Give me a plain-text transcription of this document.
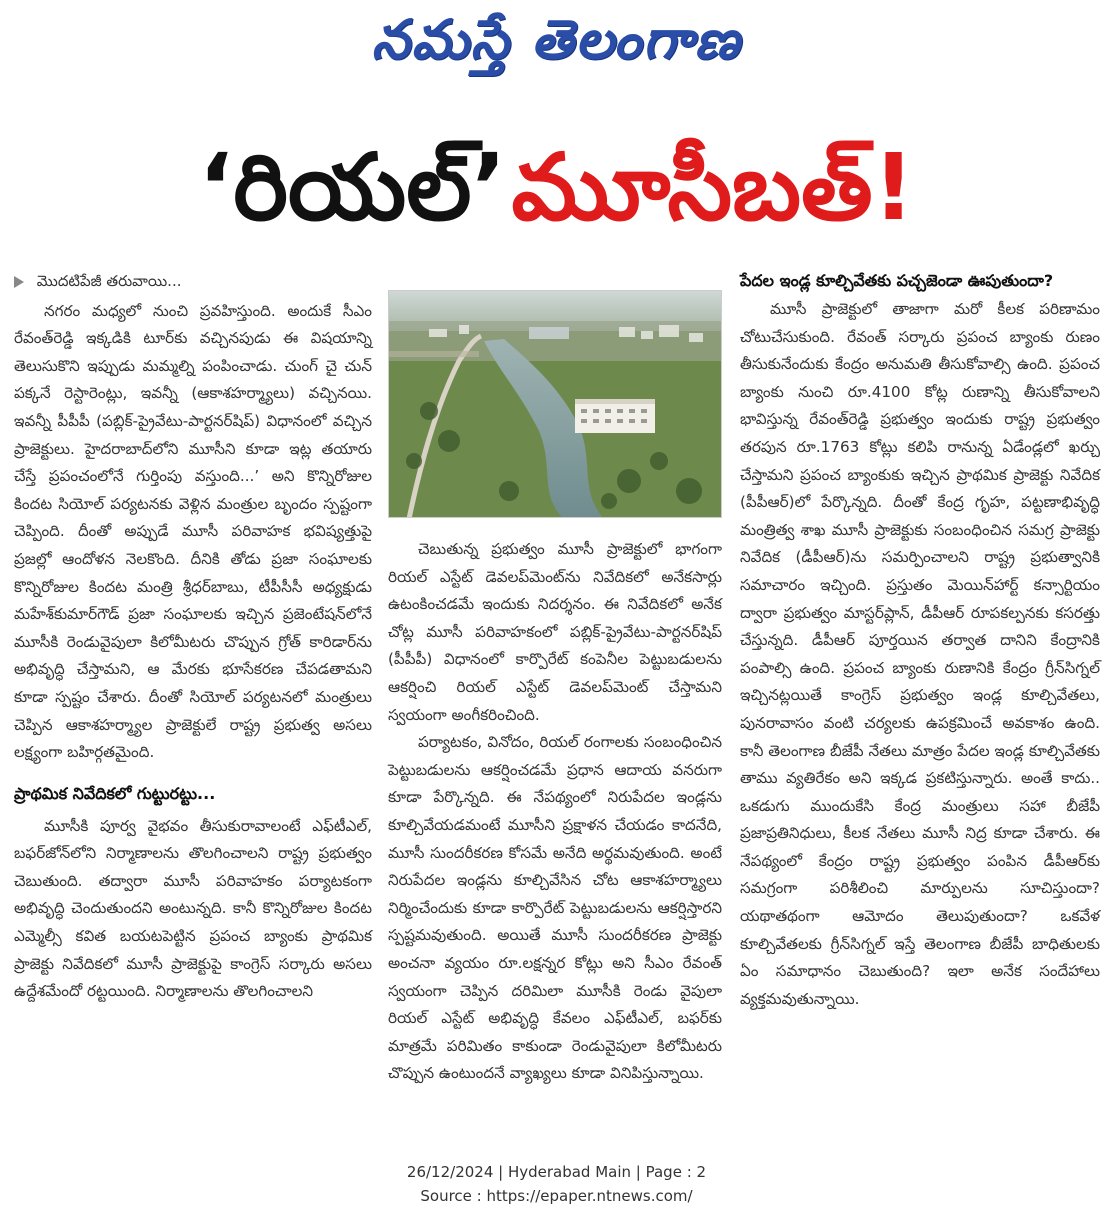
నమస్తే తెలంగాణ
‘రియల్’ మూసీబత్!
మొదటిపేజీ తరువాయి...

నగరం మధ్యలో నుంచి ప్రవహిస్తుంది. అందుకే సీఎం రేవంత్‌రెడ్డి ఇక్కడికి టూర్‌కు వచ్చినపుడు ఈ విషయాన్ని తెలుసుకొని ఇప్పుడు మమ్మల్ని పంపించాడు. చుంగ్ చై చున్ పక్కనే రెస్టారెంట్లు, ఇవన్నీ (ఆకాశహర్మ్యాలు) వచ్చినయి. ఇవన్నీ పీపీపీ (పబ్లిక్-ప్రైవేటు-పార్టనర్‌షిప్) విధానంలో వచ్చిన ప్రాజెక్టులు. హైదరాబాద్‌లోని మూసీని కూడా ఇట్ల తయారు చేస్తే ప్రపంచంలోనే గుర్తింపు వస్తుంది...’ అని కొన్నిరోజుల కిందట సియోల్ పర్యటనకు వెళ్లిన మంత్రుల బృందం స్పష్టంగా చెప్పింది. దీంతో అప్పుడే మూసీ పరివాహక భవిష్యత్తుపై ప్రజల్లో ఆందోళన నెలకొంది. దీనికి తోడు ప్రజా సంఘాలకు కొన్నిరోజుల కిందట మంత్రి శ్రీధర్‌బాబు, టీపీసీసీ అధ్యక్షుడు మహేశ్‌కుమార్‌గౌడ్ ప్రజా సంఘాలకు ఇచ్చిన ప్రజెంటేషన్‌లోనే మూసీకి రెండువైపులా కిలోమీటరు చొప్పున గ్రోత్ కారిడార్‌ను అభివృద్ధి చేస్తామని, ఆ మేరకు భూసేకరణ చేపడతామని కూడా స్పష్టం చేశారు. దీంతో సియోల్ పర్యటనలో మంత్రులు చెప్పిన ఆకాశహర్మ్యాల ప్రాజెక్టులే రాష్ట్ర ప్రభుత్వ అసలు లక్ష్యంగా బహిర్గతమైంది.

ప్రాథమిక నివేదికలో గుట్టురట్టు...

మూసీకి పూర్వ వైభవం తీసుకురావాలంటే ఎఫ్‌టీఎల్, బఫర్‌జోన్‌లోని నిర్మాణాలను తొలగించాలని రాష్ట్ర ప్రభుత్వం చెబుతుంది. తద్వారా మూసీ పరివాహకం పర్యాటకంగా అభివృద్ధి చెందుతుందని అంటున్నది. కానీ కొన్నిరోజుల కిందట ఎమ్మెల్సీ కవిత బయటపెట్టిన ప్రపంచ బ్యాంకు ప్రాథమిక ప్రాజెక్టు నివేదికలో మూసీ ప్రాజెక్టుపై కాంగ్రెస్ సర్కారు అసలు ఉద్దేశమేందో రట్టయింది. నిర్మాణాలను తొలగించాలని

చెబుతున్న ప్రభుత్వం మూసీ ప్రాజెక్టులో భాగంగా రియల్ ఎస్టేట్ డెవలప్‌మెంట్‌ను నివేదికలో అనేకసార్లు ఉటంకించడమే ఇందుకు నిదర్శనం. ఈ నివేదికలో అనేక చోట్ల మూసీ పరివాహకంలో పబ్లిక్-ప్రైవేటు-పార్టనర్‌షిప్ (పీపీపీ) విధానంలో కార్పొరేట్ కంపెనీల పెట్టుబడులను ఆకర్షించి రియల్ ఎస్టేట్ డెవలప్‌మెంట్ చేస్తామని స్వయంగా అంగీకరించింది.

పర్యాటకం, వినోదం, రియల్ రంగాలకు సంబంధించిన పెట్టుబడులను ఆకర్షించడమే ప్రధాన ఆదాయ వనరుగా కూడా పేర్కొన్నది. ఈ నేపథ్యంలో నిరుపేదల ఇండ్లను కూల్చివేయడమంటే మూసీని ప్రక్షాళన చేయడం కాదనేది, మూసీ సుందరీకరణ కోసమే అనేది అర్థమవుతుంది. అంటే నిరుపేదల ఇండ్లను కూల్చివేసిన చోట ఆకాశహర్మ్యాలు నిర్మించేందుకు కూడా కార్పొరేట్ పెట్టుబడులను ఆకర్షిస్తారని స్పష్టమవుతుంది. అయితే మూసీ సుందరీకరణ ప్రాజెక్టు అంచనా వ్యయం రూ.లక్షన్నర కోట్లు అని సీఎం రేవంత్ స్వయంగా చెప్పిన దరిమిలా మూసీకి రెండు వైపులా రియల్ ఎస్టేట్ అభివృద్ధి కేవలం ఎఫ్‌టీఎల్, బఫర్‌కు మాత్రమే పరిమితం కాకుండా రెండువైపులా కిలోమీటరు చొప్పున ఉంటుందనే వ్యాఖ్యలు కూడా వినిపిస్తున్నాయి.

పేదల ఇండ్ల కూల్చివేతకు పచ్చజెండా ఊపుతుందా?

మూసీ ప్రాజెక్టులో తాజాగా మరో కీలక పరిణామం చోటుచేసుకుంది. రేవంత్ సర్కారు ప్రపంచ బ్యాంకు రుణం తీసుకునేందుకు కేంద్రం అనుమతి తీసుకోవాల్సి ఉంది. ప్రపంచ బ్యాంకు నుంచి రూ.4100 కోట్ల రుణాన్ని తీసుకోవాలని భావిస్తున్న రేవంత్‌రెడ్డి ప్రభుత్వం ఇందుకు రాష్ట్ర ప్రభుత్వం తరపున రూ.1763 కోట్లు కలిపి రానున్న ఏడేండ్లలో ఖర్చు చేస్తామని ప్రపంచ బ్యాంకుకు ఇచ్చిన ప్రాథమిక ప్రాజెక్టు నివేదిక (పీపీఆర్)లో పేర్కొన్నది. దీంతో కేంద్ర గృహ, పట్టణాభివృద్ధి మంత్రిత్వ శాఖ మూసీ ప్రాజెక్టుకు సంబంధించిన సమగ్ర ప్రాజెక్టు నివేదిక (డీపీఆర్)ను సమర్పించాలని రాష్ట్ర ప్రభుత్వానికి సమాచారం ఇచ్చింది. ప్రస్తుతం మెయిన్‌హార్ట్ కన్సార్టియం ద్వారా ప్రభుత్వం మాస్టర్‌ప్లాన్, డీపీఆర్ రూపకల్పనకు కసరత్తు చేస్తున్నది. డీపీఆర్ పూర్తయిన తర్వాత దానిని కేంద్రానికి పంపాల్సి ఉంది. ప్రపంచ బ్యాంకు రుణానికి కేంద్రం గ్రీన్‌సిగ్నల్ ఇచ్చినట్లయితే కాంగ్రెస్ ప్రభుత్వం ఇండ్ల కూల్చివేతలు, పునరావాసం వంటి చర్యలకు ఉపక్రమించే అవకాశం ఉంది. కానీ తెలంగాణ బీజేపీ నేతలు మాత్రం పేదల ఇండ్ల కూల్చివేతకు తాము వ్యతిరేకం అని ఇక్కడ ప్రకటిస్తున్నారు. అంతే కాదు.. ఒకడుగు ముందుకేసి కేంద్ర మంత్రులు సహా బీజేపీ ప్రజాప్రతినిధులు, కీలక నేతలు మూసీ నిద్ర కూడా చేశారు. ఈ నేపథ్యంలో కేంద్రం రాష్ట్ర ప్రభుత్వం పంపిన డీపీఆర్‌కు సమగ్రంగా పరిశీలించి మార్పులను సూచిస్తుందా? యథాతథంగా ఆమోదం తెలుపుతుందా? ఒకవేళ కూల్చివేతలకు గ్రీన్‌సిగ్నల్ ఇస్తే తెలంగాణ బీజేపీ బాధితులకు ఏం సమాధానం చెబుతుంది? ఇలా అనేక సందేహాలు వ్యక్తమవుతున్నాయి.

26/12/2024 | Hyderabad Main | Page : 2
Source : https://epaper.ntnews.com/
